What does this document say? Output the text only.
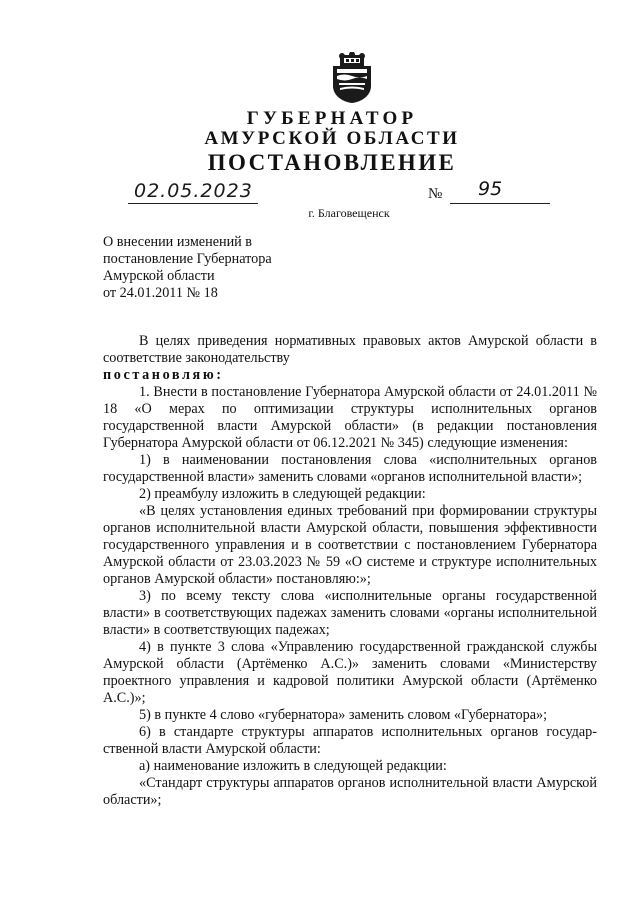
ГУБЕРНАТОР
АМУРСКОЙ ОБЛАСТИ
ПОСТАНОВЛЕНИЕ
02.05.2023	№ 95
г. Благовещенск
О внесении изменений в
постановление Губернатора
Амурской области
от 24.01.2011 № 18

В целях приведения нормативных правовых актов Амурской области в соответствие законодательству

постановляю:

1. Внести в постановление Губернатора Амурской области от 24.01.2011 № 18 «О мерах по оптимизации структуры исполнительных органов государственной власти Амурской области» (в редакции постановления Губернатора Амурской области от 06.12.2021 № 345) следующие изменения:

1) в наименовании постановления слова «исполнительных органов государственной власти» заменить словами «органов исполнительной власти»;

2) преамбулу изложить в следующей редакции:

«В целях установления единых требований при формировании структуры органов исполнительной власти Амурской области, повышения эффективности государственного управления и в соответствии с постановлением Губернатора Амурской области от 23.03.2023 № 59 «О системе и структуре исполнительных органов Амурской области» постановляю:»;

3) по всему тексту слова «исполнительные органы государственной власти» в соответствующих падежах заменить словами «органы исполнительной власти» в соответствующих падежах;

4) в пункте 3 слова «Управлению государственной гражданской службы Амурской области (Артёменко А.С.)» заменить словами «Министерству проектного управления и кадровой политики Амурской области (Артёменко А.С.)»;

5) в пункте 4 слово «губернатора» заменить словом «Губернатора»;

6) в стандарте структуры аппаратов исполнительных органов государ-ственной власти Амурской области:

а) наименование изложить в следующей редакции:

«Стандарт структуры аппаратов органов исполнительной власти Амурской области»;
